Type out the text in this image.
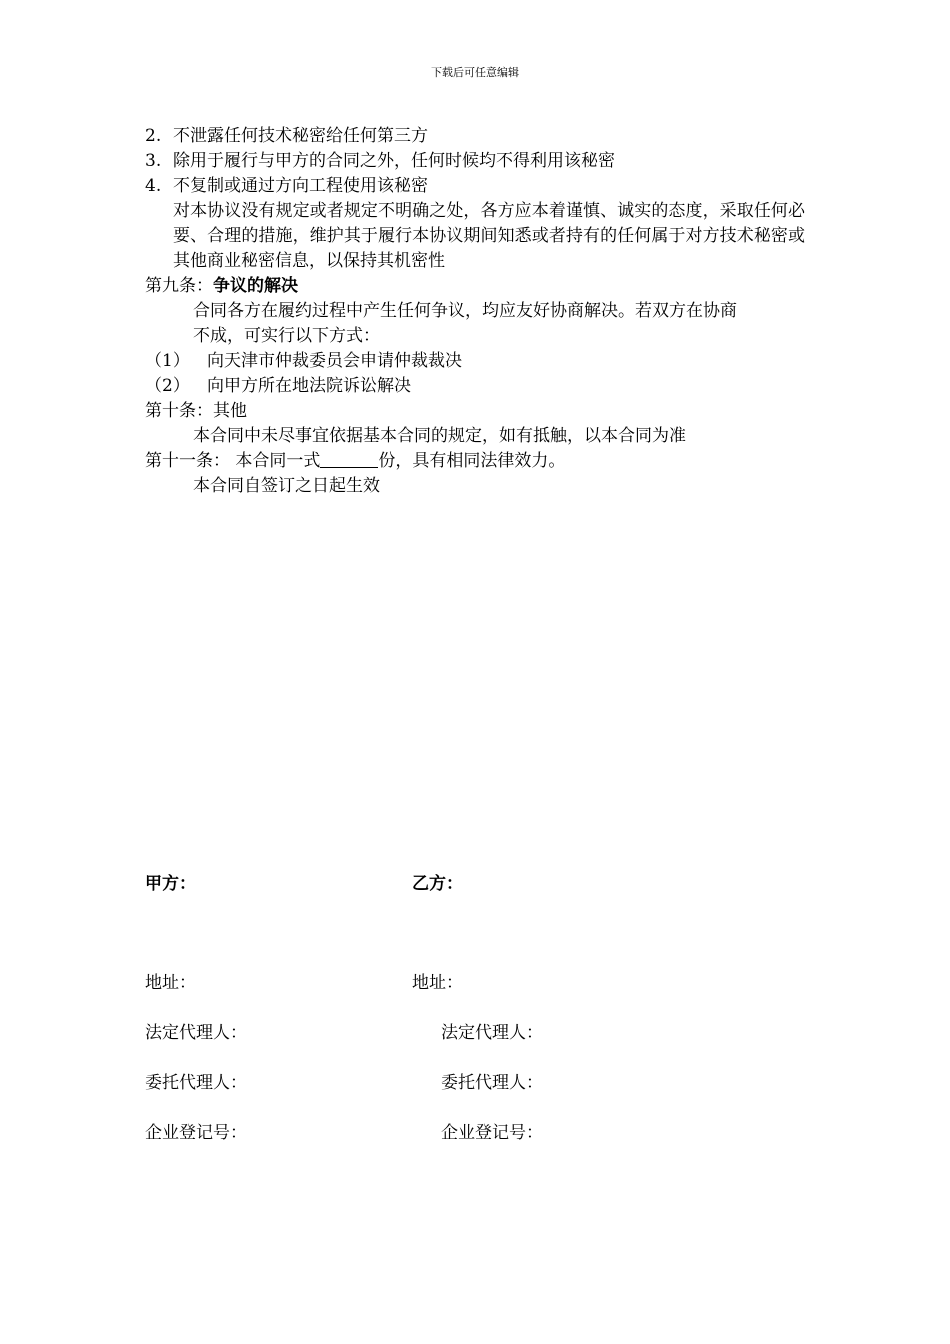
下载后可任意编辑
2. 不泄露任何技术秘密给任何第三方
3. 除用于履行与甲方的合同之外，任何时候均不得利用该秘密
4. 不复制或通过方向工程使用该秘密
对本协议没有规定或者规定不明确之处，各方应本着谨慎、诚实的态度，采取任何必要、合理的措施，维护其于履行本协议期间知悉或者持有的任何属于对方技术秘密或其他商业秘密信息，以保持其机密性
第九条：争议的解决
合同各方在履约过程中产生任何争议，均应友好协商解决。若双方在协商
不成，可实行以下方式：
（1） 向天津市仲裁委员会申请仲裁裁决
（2） 向甲方所在地法院诉讼解决
第十条：其他
本合同中未尽事宜依据基本合同的规定，如有抵触，以本合同为准
第十一条： 本合同一式	份，具有相同法律效力。
本合同自签订之日起生效
甲方：	乙方：
地址：	地址：
法定代理人：	法定代理人：
委托代理人：	委托代理人：
企业登记号：	企业登记号：
